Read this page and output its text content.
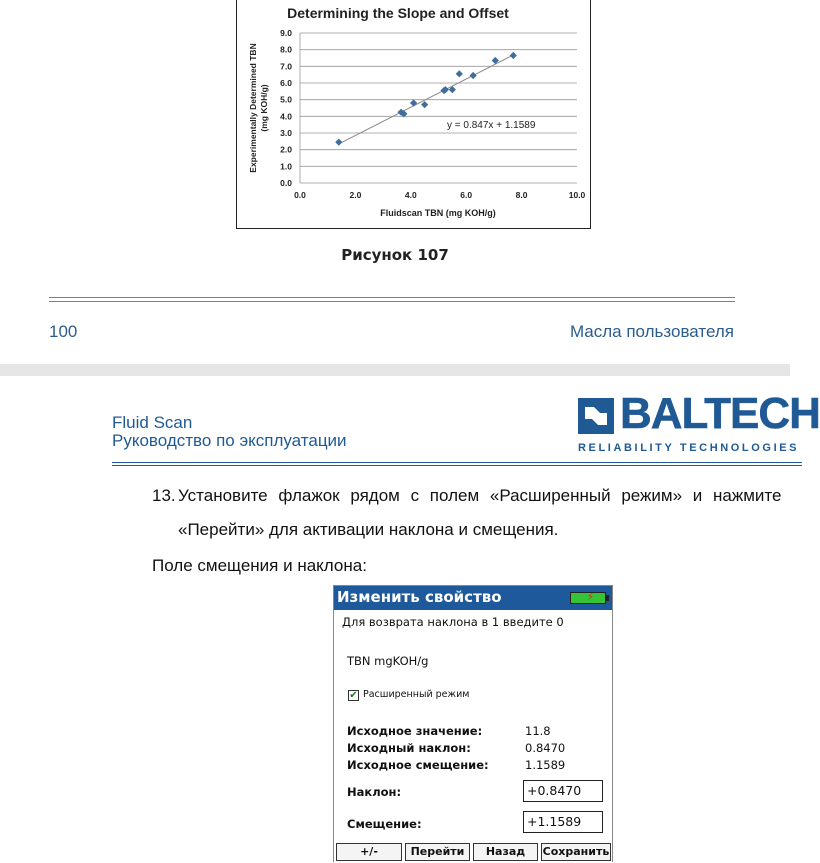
Determining the Slope and Offset
0.0
1.0
2.0
3.0
4.0
5.0
6.0
7.0
8.0
9.0
0.0	2.0	4.0	6.0	8.0	10.0
y = 0.847x + 1.1589
Fluidscan TBN (mg KOH/g)
Experimentally Determined TBN (mg KOH/g)
Рисунок 107
100	Масла пользователя
Fluid Scan
Руководство по эксплуатации
BALTECH
RELIABILITY TECHNOLOGIES
13. Установите флажок рядом с полем «Расширенный режим» и нажмите
«Перейти» для активации наклона и смещения.
Поле смещения и наклона:
Изменить свойство	⚡
Для возврата наклона в 1 введите 0
TBN mgKOH/g
✔ Расширенный режим
Исходное значение:	11.8
Исходный наклон:	0.8470
Исходное смещение:	1.1589
Наклон:	+0.8470
Смещение:	+1.1589
+/-	Перейти	Назад	Сохранить
